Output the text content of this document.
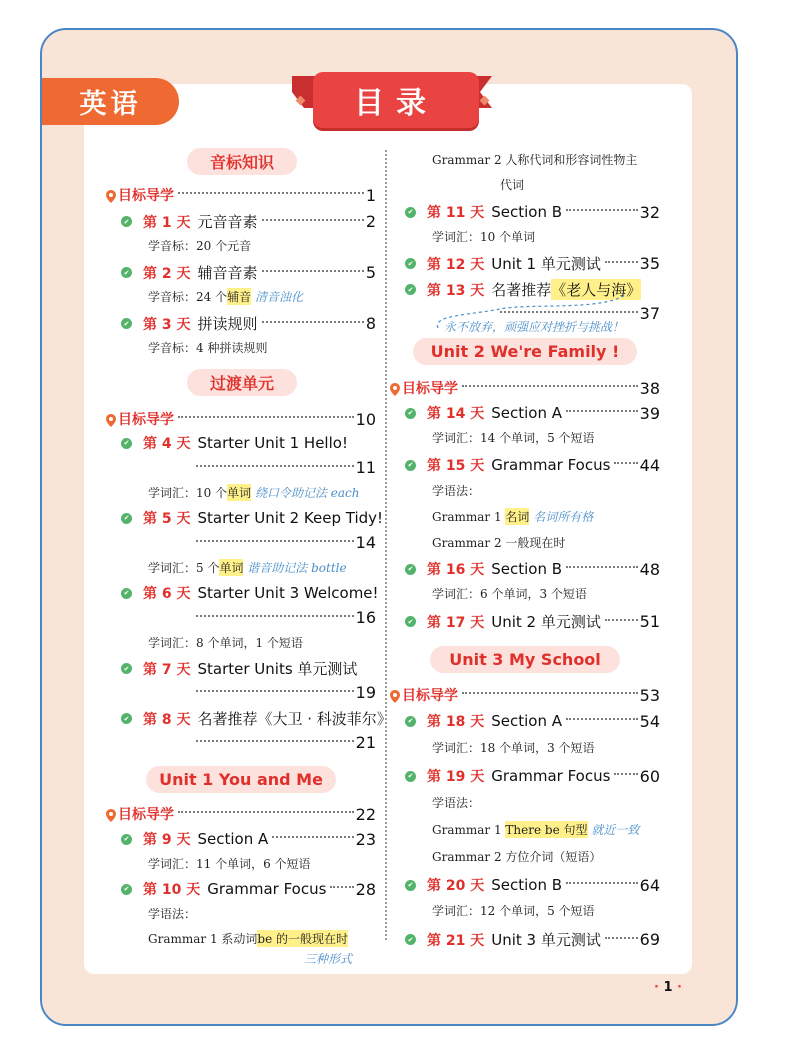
英语	目录
音标知识
目标导学	1
✔ 第 1 天 元音音素	2
学音标：20 个元音
✔ 第 2 天 辅音音素	5
学音标：24 个 辅音
清音浊化
✔ 第 3 天 拼读规则	8
学音标：4 种拼读规则
过渡单元
目标导学	10
✔ 第 4 天 Starter Unit 1 Hello!
11
学词汇：10 个 单词
绕口令助记法 each
✔ 第 5 天 Starter Unit 2 Keep Tidy!
14
学词汇：5 个 单词
谐音助记法 bottle
✔ 第 6 天 Starter Unit 3 Welcome!
16
学词汇：8 个单词，1 个短语
✔ 第 7 天 Starter Units 单元测试
19
✔ 第 8 天 名著推荐《大卫 · 科波菲尔》
21
Unit 1 You and Me
目标导学	22
✔ 第 9 天 Section A	23
学词汇：11 个单词，6 个短语
✔ 第 10 天 Grammar Focus 28
学语法：
Grammar 1 系动词 be 的一般现在时
三种形式
Grammar 2 人称代词和形容词性物主
代词
✔ 第 11 天 Section B	32
学词汇：10 个单词
✔ 第 12 天 Unit 1 单元测试 35
✔ 第 13 天 名著推荐 《老人与海》
37
永不放弃，顽强应对挫折与挑战！
Unit 2 We're Family !
目标导学	38
✔ 第 14 天 Section A	39
学词汇：14 个单词，5 个短语
✔ 第 15 天 Grammar Focus 44
学语法：
Grammar 1
名词
名词所有格
Grammar 2 一般现在时
✔ 第 16 天 Section B	48
学词汇：6 个单词，3 个短语
✔ 第 17 天 Unit 2 单元测试 51
Unit 3 My School
目标导学	53
✔ 第 18 天 Section A	54
学词汇：18 个单词，3 个短语
✔ 第 19 天 Grammar Focus 60
学语法：
Grammar 1
There be 句型
就近一致
Grammar 2 方位介词（短语）
✔ 第 20 天 Section B	64
学词汇：12 个单词，5 个短语
✔ 第 21 天 Unit 3 单元测试 69
· 1 ·
